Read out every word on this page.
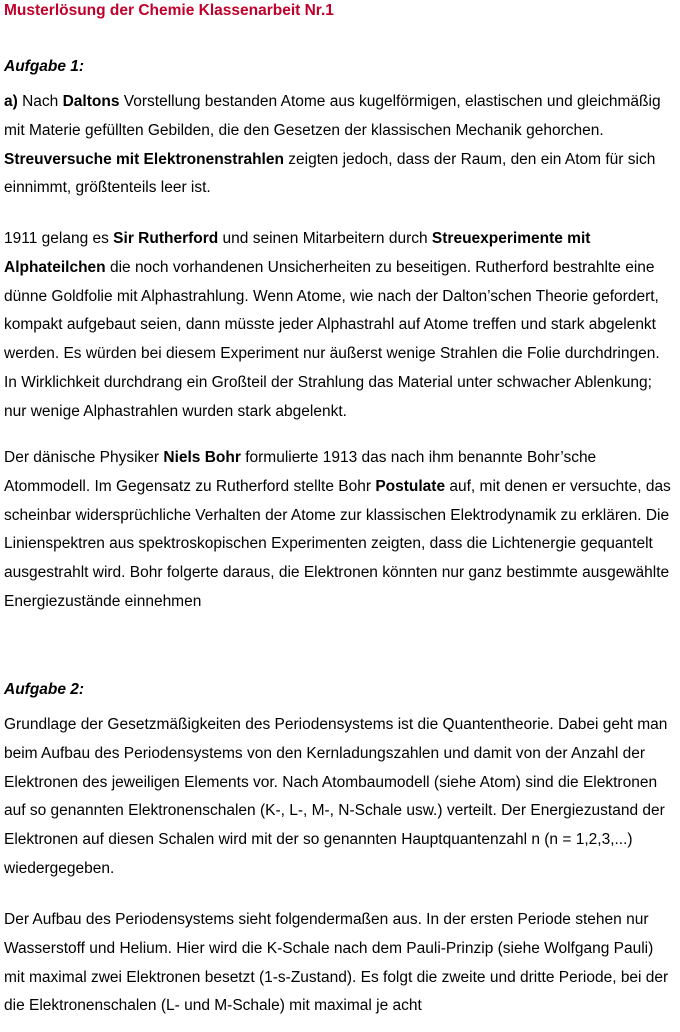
Musterlösung der Chemie Klassenarbeit Nr.1
Aufgabe 1:

a) Nach Daltons Vorstellung bestanden Atome aus kugelförmigen, elastischen und gleichmäßig mit Materie gefüllten Gebilden, die den Gesetzen der klassischen Mechanik gehorchen. Streuversuche mit Elektronenstrahlen zeigten jedoch, dass der Raum, den ein Atom für sich einnimmt, größtenteils leer ist.

1911 gelang es Sir Rutherford und seinen Mitarbeitern durch Streuexperimente mit Alphateilchen die noch vorhandenen Unsicherheiten zu beseitigen. Rutherford bestrahlte eine dünne Goldfolie mit Alphastrahlung. Wenn Atome, wie nach der Dalton’schen Theorie gefordert, kompakt aufgebaut seien, dann müsste jeder Alphastrahl auf Atome treffen und stark abgelenkt werden. Es würden bei diesem Experiment nur äußerst wenige Strahlen die Folie durchdringen. In Wirklichkeit durchdrang ein Großteil der Strahlung das Material unter schwacher Ablenkung; nur wenige Alphastrahlen wurden stark abgelenkt.

Der dänische Physiker Niels Bohr formulierte 1913 das nach ihm benannte Bohr’sche Atommodell. Im Gegensatz zu Rutherford stellte Bohr Postulate auf, mit denen er versuchte, das scheinbar widersprüchliche Verhalten der Atome zur klassischen Elektrodynamik zu erklären. Die Linienspektren aus spektroskopischen Experimenten zeigten, dass die Lichtenergie gequantelt ausgestrahlt wird. Bohr folgerte daraus, die Elektronen könnten nur ganz bestimmte ausgewählte Energiezustände einnehmen

Aufgabe 2:

Grundlage der Gesetzmäßigkeiten des Periodensystems ist die Quantentheorie. Dabei geht man beim Aufbau des Periodensystems von den Kernladungszahlen und damit von der Anzahl der Elektronen des jeweiligen Elements vor. Nach Atombaumodell (siehe Atom) sind die Elektronen auf so genannten Elektronenschalen (K-, L-, M-, N-Schale usw.) verteilt. Der Energiezustand der Elektronen auf diesen Schalen wird mit der so genannten Hauptquantenzahl n (n = 1,2,3,...) wiedergegeben.

Der Aufbau des Periodensystems sieht folgendermaßen aus. In der ersten Periode stehen nur Wasserstoff und Helium. Hier wird die K-Schale nach dem Pauli-Prinzip (siehe Wolfgang Pauli) mit maximal zwei Elektronen besetzt (1-s-Zustand). Es folgt die zweite und dritte Periode, bei der die Elektronenschalen (L- und M-Schale) mit maximal je acht
